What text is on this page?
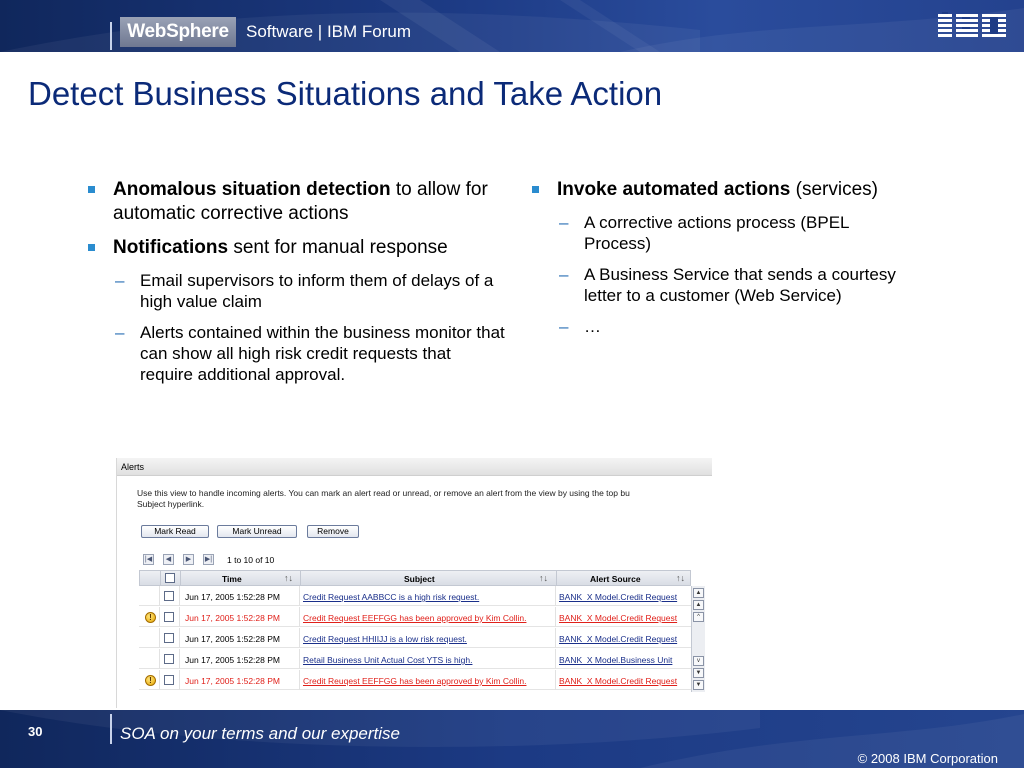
WebSphere	Software | IBM Forum
Detect Business Situations and Take Action
Anomalous situation detection to allow for automatic corrective actions
Notifications sent for manual response
– Email supervisors to inform them of delays of a high value claim
– Alerts contained within the business monitor that can show all high risk credit requests that require additional approval.
Invoke automated actions (services)
– A corrective actions process (BPEL Process)
– A Business Service that sends a courtesy letter to a customer (Web Service)
– …
Alerts
Use this view to handle incoming alerts. You can mark an alert read or unread, or remove an alert from the view by using the top bu
Subject hyperlink.
Mark Read	Mark Unread	Remove
|◀	◀	▶	▶| 1 to 10 of 10
Time	↑↓	Subject	↑↓	Alert Source	↑↓
Jun 17, 2005 1:52:28 PM	Credit Request AABBCC is a high risk request.	BANK_X Model.Credit Request
!	Jun 17, 2005 1:52:28 PM	Credit Request EEFFGG has been approved by Kim Collin.	BANK_X Model.Credit Request
Jun 17, 2005 1:52:28 PM	Credit Request HHIIJJ is a low risk request.	BANK_X Model.Credit Request
Jun 17, 2005 1:52:28 PM	Retail Business Unit Actual Cost YTS is high.	BANK_X Model.Business Unit
!	Jun 17, 2005 1:52:28 PM	Credit Reuqest EEFFGG has been approved by Kim Collin.	BANK_X Model.Credit Request
▲
▲
^
v
▼
▼
30	SOA on your terms and our expertise
© 2008 IBM Corporation
